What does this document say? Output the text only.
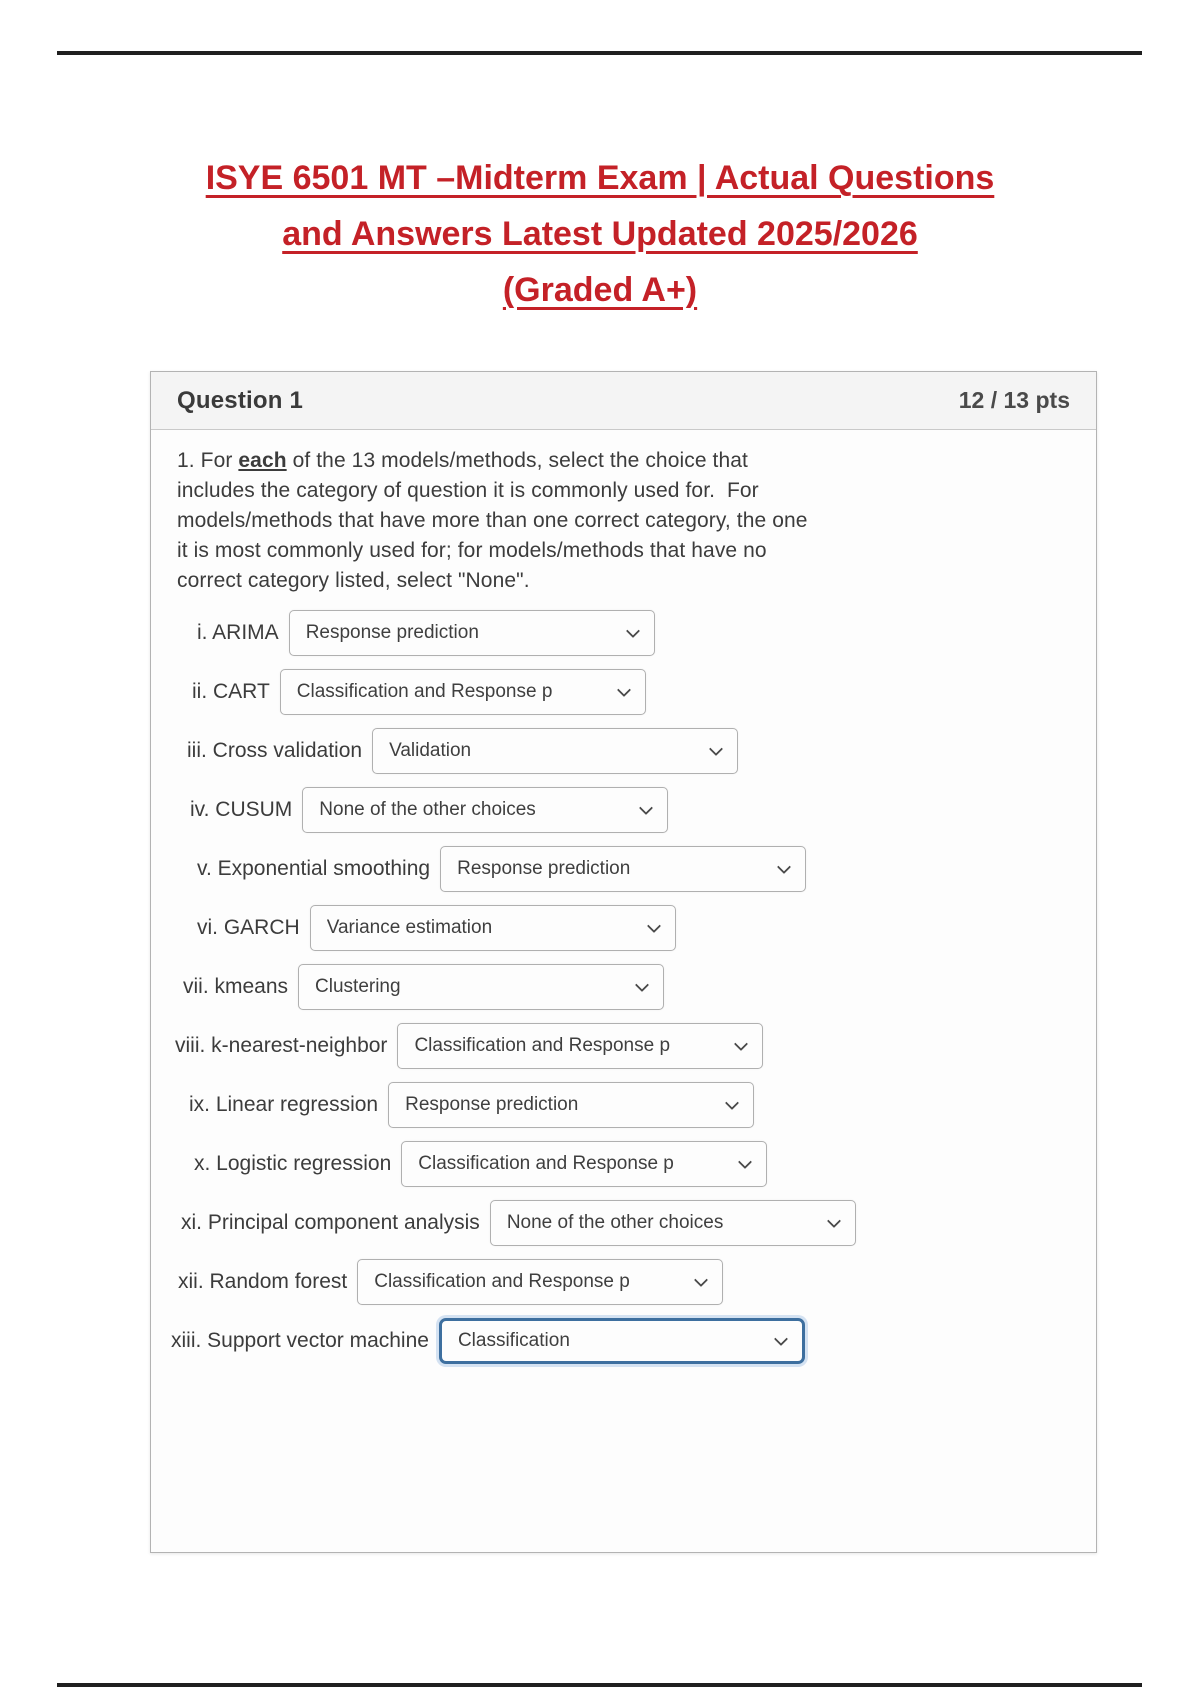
ISYE 6501 MT –Midterm Exam | Actual Questions
and Answers Latest Updated 2025/2026
(Graded A+)
Question 1	12 / 13 pts
1. For each of the 13 models/methods, select the choice that
includes the category of question it is commonly used for.  For
models/methods that have more than one correct category, the one
it is most commonly used for; for models/methods that have no
correct category listed, select "None".
i. ARIMA Response prediction
ii. CART Classification and Response p
iii. Cross validation Validation
iv. CUSUM None of the other choices
v. Exponential smoothing Response prediction
vi. GARCH Variance estimation
vii. kmeans Clustering
viii. k-nearest-neighbor Classification and Response p
ix. Linear regression Response prediction
x. Logistic regression Classification and Response p
xi. Principal component analysis None of the other choices
xii. Random forest Classification and Response p
xiii. Support vector machine Classification
